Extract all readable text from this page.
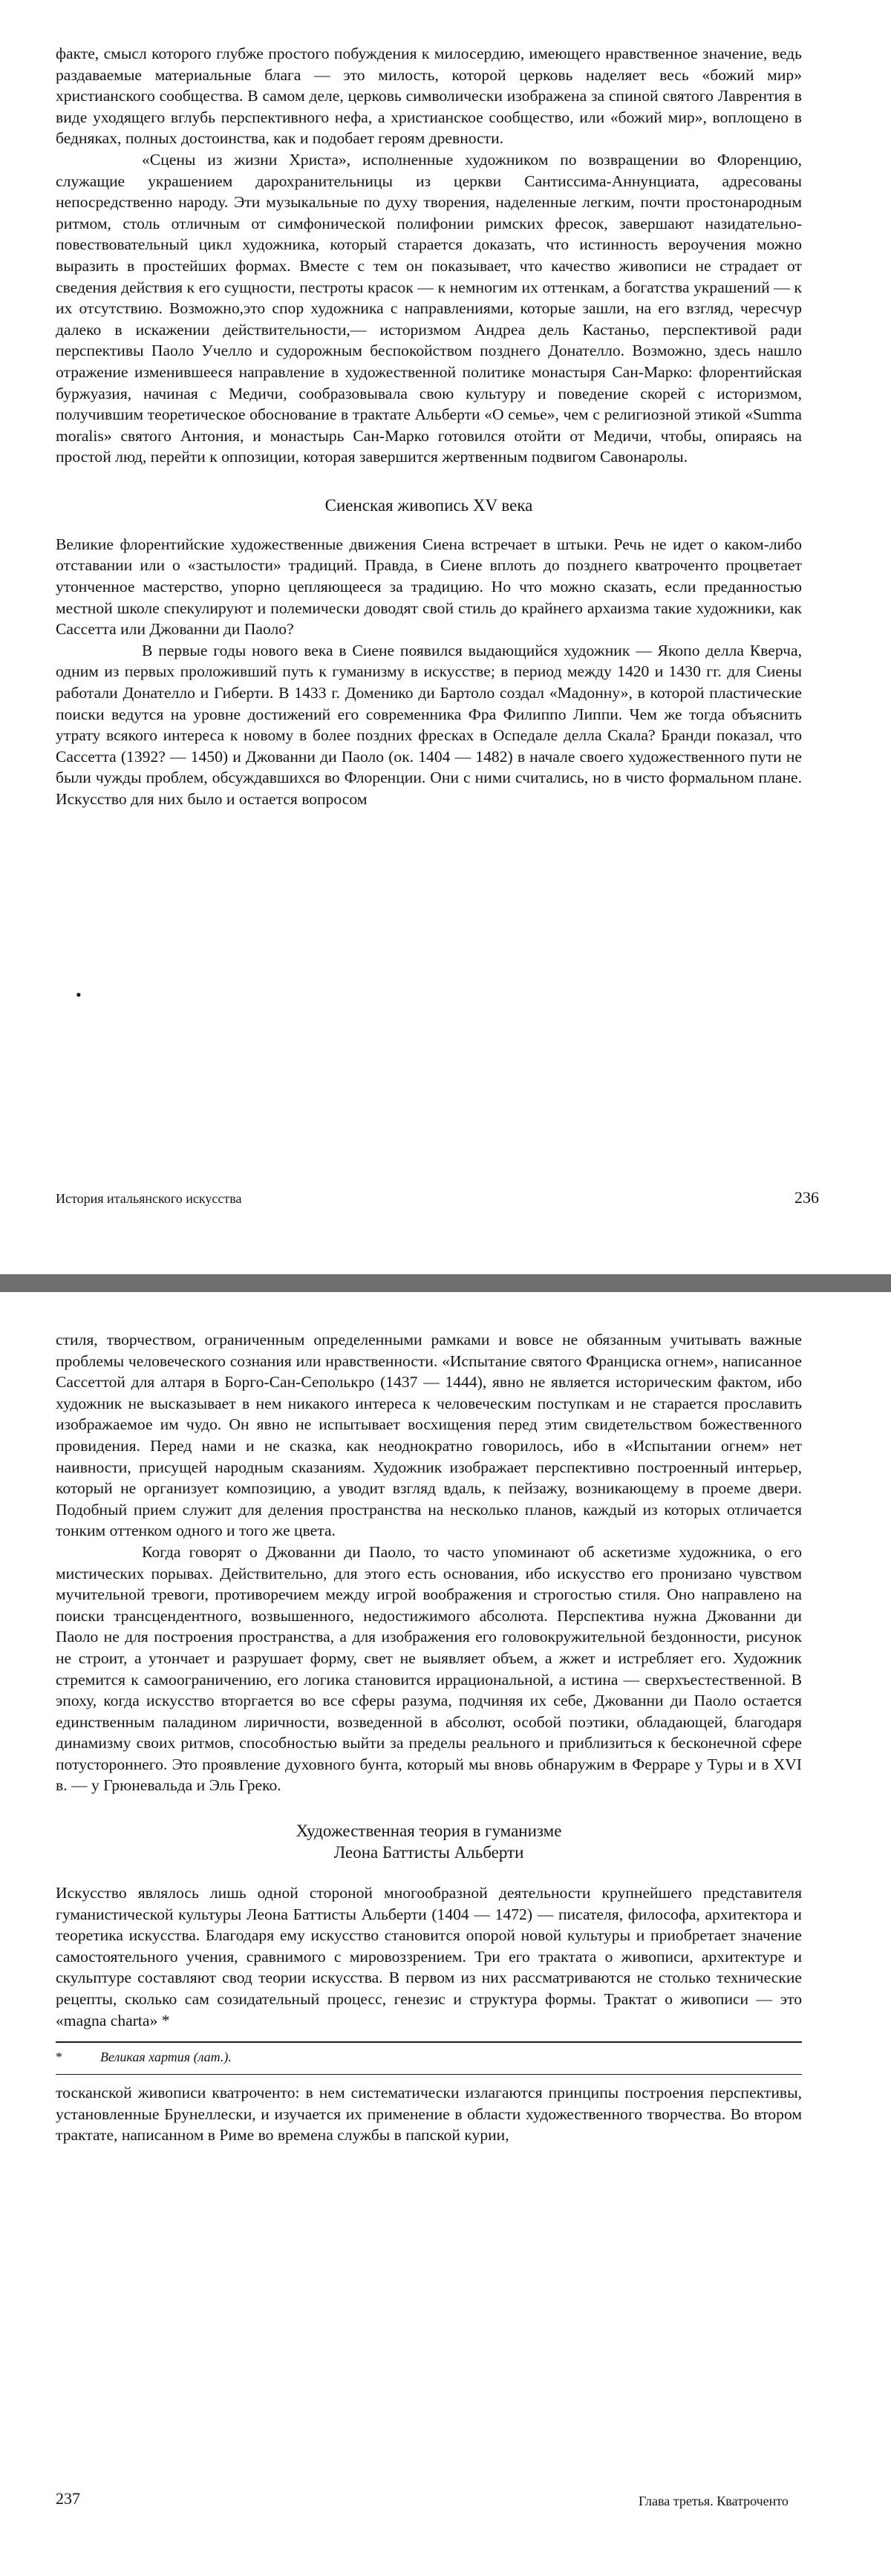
факте, смысл которого глубже простого побуждения к милосердию, имеющего нравственное значение, ведь раздаваемые материальные блага — это милость, которой церковь наделяет весь «божий мир» христианского сообщества. В самом деле, церковь символически изображена за спиной святого Лаврентия в виде уходящего вглубь перспективного нефа, а христианское сообщество, или «божий мир», воплощено в бедняках, полных достоинства, как и подобает героям древности.

«Сцены из жизни Христа», исполненные художником по возвращении во Флоренцию, служащие украшением дарохранительницы из церкви Сантиссима-Аннунциата, адресованы непосредственно народу. Эти музыкальные по духу творения, наделенные легким, почти простонародным ритмом, столь отличным от симфонической полифонии римских фресок, завершают назидательно-повествовательный цикл художника, который старается доказать, что истинность вероучения можно выразить в простейших формах. Вместе с тем он показывает, что качество живописи не страдает от сведения действия к его сущности, пестроты красок — к немногим их оттенкам, а богатства украшений — к их отсутствию. Возможно,это спор художника с направлениями, которые зашли, на его взгляд, чересчур далеко в искажении действительности,— историзмом Андреа дель Кастаньо, перспективой ради перспективы Паоло Учелло и судорожным беспокойством позднего Донателло. Возможно, здесь нашло отражение изменившееся направление в художественной политике монастыря Сан-Марко: флорентийская буржуазия, начиная с Медичи, сообразовывала свою культуру и поведение скорей с историзмом, получившим теоретическое обоснование в трактате Альберти «О семье», чем с религиозной этикой «Summa moralis» святого Антония, и монастырь Сан-Марко готовился отойти от Медичи, чтобы, опираясь на простой люд, перейти к оппозиции, которая завершится жертвенным подвигом Савонаролы.

Сиенская живопись XV века

Великие флорентийские художественные движения Сиена встречает в штыки. Речь не идет о каком-либо отставании или о «застылости» традиций. Правда, в Сиене вплоть до позднего кватроченто процветает утонченное мастерство, упорно цепляющееся за традицию. Но что можно сказать, если преданностью местной школе спекулируют и полемически доводят свой стиль до крайнего архаизма такие художники, как Сассетта или Джованни ди Паоло?

В первые годы нового века в Сиене появился выдающийся художник — Якопо делла Кверча, одним из первых проложивший путь к гуманизму в искусстве; в период между 1420 и 1430 гг. для Сиены работали Донателло и Гиберти. В 1433 г. Доменико ди Бартоло создал «Мадонну», в которой пластические поиски ведутся на уровне достижений его современника Фра Филиппо Липпи. Чем же тогда объяснить утрату всякого интереса к новому в более поздних фресках в Оспедале делла Скала? Бранди показал, что Сассетта (1392? — 1450) и Джованни ди Паоло (ок. 1404 — 1482) в начале своего художественного пути не были чужды проблем, обсуждавшихся во Флоренции. Они с ними считались, но в чисто формальном плане. Искусство для них было и остается вопросом

•
История итальянского искусства	236

стиля, творчеством, ограниченным определенными рамками и вовсе не обязанным учитывать важные проблемы человеческого сознания или нравственности. «Испытание святого Франциска огнем», написанное Сассеттой для алтаря в Борго-Сан-Сеполькро (1437 — 1444), явно не является историческим фактом, ибо художник не высказывает в нем никакого интереса к человеческим поступкам и не старается прославить изображаемое им чудо. Он явно не испытывает восхищения перед этим свидетельством божественного провидения. Перед нами и не сказка, как неоднократно говорилось, ибо в «Испытании огнем» нет наивности, присущей народным сказаниям. Художник изображает перспективно построенный интерьер, который не организует композицию, а уводит взгляд вдаль, к пейзажу, возникающему в проеме двери. Подобный прием служит для деления пространства на несколько планов, каждый из которых отличается тонким оттенком одного и того же цвета.

Когда говорят о Джованни ди Паоло, то часто упоминают об аскетизме художника, о его мистических порывах. Действительно, для этого есть основания, ибо искусство его пронизано чувством мучительной тревоги, противоречием между игрой воображения и строгостью стиля. Оно направлено на поиски трансцендентного, возвышенного, недостижимого абсолюта. Перспектива нужна Джованни ди Паоло не для построения пространства, а для изображения его головокружительной бездонности, рисунок не строит, а утончает и разрушает форму, свет не выявляет объем, а жжет и истребляет его. Художник стремится к самоограничению, его логика становится иррациональной, а истина — сверхъестественной. В эпоху, когда искусство вторгается во все сферы разума, подчиняя их себе, Джованни ди Паоло остается единственным паладином лиричности, возведенной в абсолют, особой поэтики, обладающей, благодаря динамизму своих ритмов, способностью выйти за пределы реального и приблизиться к бесконечной сфере потустороннего. Это проявление духовного бунта, который мы вновь обнаружим в Ферраре у Туры и в XVI в. — у Грюневальда и Эль Греко.

Художественная теория в гуманизме
Леона Баттисты Альберти

Искусство являлось лишь одной стороной многообразной деятельности крупнейшего представителя гуманистической культуры Леона Баттисты Альберти (1404 — 1472) — писателя, философа, архитектора и теоретика искусства. Благодаря ему искусство становится опорой новой культуры и приобретает значение самостоятельного учения, сравнимого с мировоззрением. Три его трактата о живописи, архитектуре и скульптуре составляют свод теории искусства. В первом из них рассматриваются не столько технические рецепты, сколько сам созидательный процесс, генезис и структура формы. Трактат о живописи — это «magna charta» *

*	Великая хартия (лат.).

тосканской живописи кватроченто: в нем систематически излагаются принципы построения перспективы, установленные Брунеллески, и изучается их применение в области художественного творчества. Во втором трактате, написанном в Риме во времена службы в папской курии,

237	Глава третья. Кватроченто
